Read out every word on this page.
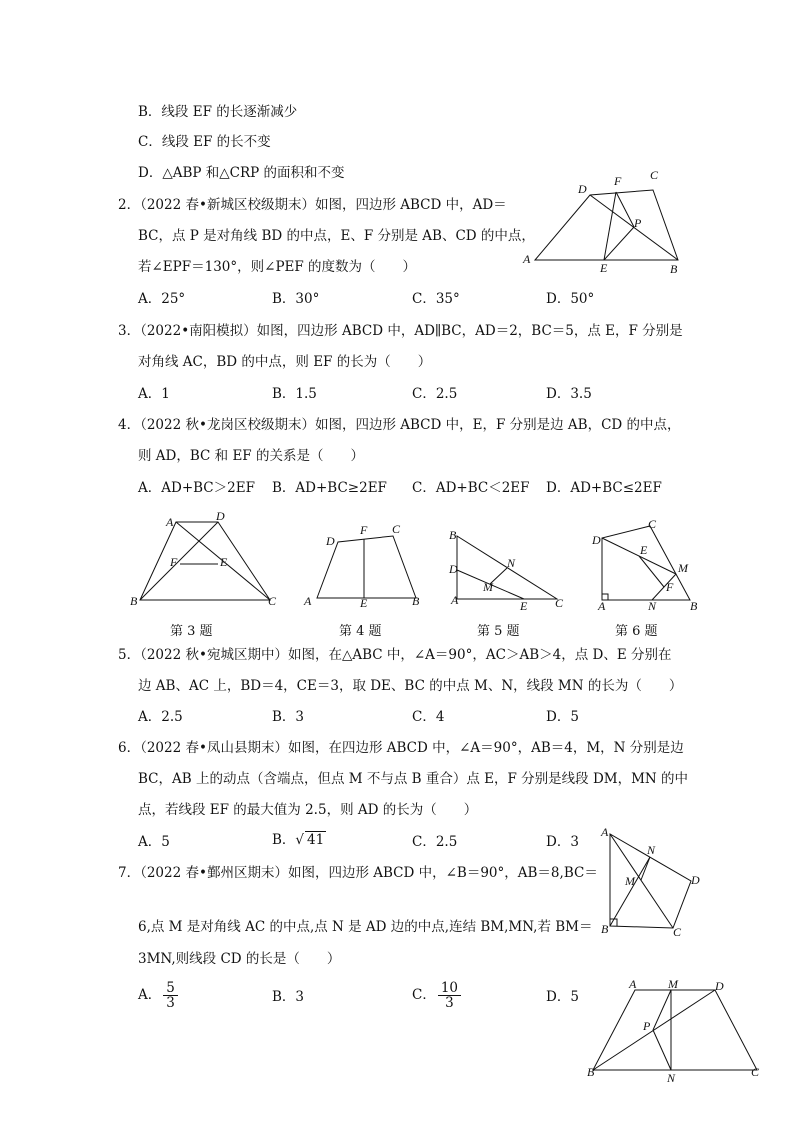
B．线段 EF 的长逐渐减少
C．线段 EF 的长不变
D．△ABP 和△CRP 的面积和不变
2．（2022 春•新城区校级期末）如图，四边形 ABCD 中，AD＝
BC，点 P 是对角线 BD 的中点，E、F 分别是 AB、CD 的中点，
若∠EPF＝130°，则∠PEF 的度数为（　　）
A．25°	B．30°	C．35°	D．50°
D
F C
P
A
E	B
3．（2022•南阳模拟）如图，四边形 ABCD 中，AD∥BC，AD＝2，BC＝5，点 E，F 分别是
对角线 AC，BD 的中点，则 EF 的长为（　　）
A．1	B．1.5	C．2.5	D．3.5
4．（2022 秋•龙岗区校级期末）如图，四边形 ABCD 中，E，F 分别是边 AB，CD 的中点，
则 AD，BC 和 EF 的关系是（　　）
A．AD+BC＞2EF B．AD+BC≥2EF C．AD+BC＜2EF D．AD+BC≤2EF
A	D
F	E
B	C
D
F C
A	E	B
B
D	N
M
A	E C
C
D
E
M
F
A	N	B
第 3 题	第 4 题	第 5 题	第 6 题
5．（2022 秋•宛城区期中）如图，在△ABC 中，∠A＝90°，AC＞AB＞4，点 D、E 分别在
边 AB、AC 上，BD＝4，CE＝3，取 DE、BC 的中点 M、N，线段 MN 的长为（　　）
A．2.5	B．3	C．4	D．5
6．（2022 春•凤山县期末）如图，在四边形 ABCD 中，∠A＝90°，AB＝4，M，N 分别是边
BC，AB 上的动点（含端点，但点 M 不与点 B 重合）点 E，F 分别是线段 DM，MN 的中
点，若线段 EF 的最大值为 2.5，则 AD 的长为（　　）
A．5	B．√ 41	C．2.5	D．3
A
N
M	D
B	C
7．（2022 春•鄞州区期末）如图，四边形 ABCD 中，∠B＝90°，AB＝8,BC＝
6,点 M 是对角线 AC 的中点,点 N 是 AD 边的中点,连结 BM,MN,若 BM＝
3MN,则线段 CD 的长是（　　）
A． $\frac{5}{3}$	B．3	C． $\frac{10}{3}$	D．5
A	M	D
P
B	N	C
